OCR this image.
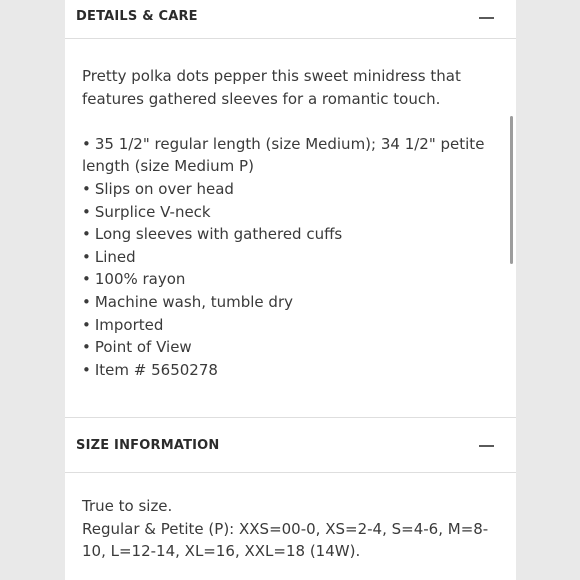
DETAILS & CARE

Pretty polka dots pepper this sweet minidress that features gathered sleeves for a romantic touch.

• 35 1/2" regular length (size Medium); 34 1/2" petite length (size Medium P)
• Slips on over head
• Surplice V-neck
• Long sleeves with gathered cuffs
• Lined
• 100% rayon
• Machine wash, tumble dry
• Imported
• Point of View
• Item # 5650278
SIZE INFORMATION

True to size.

Regular & Petite (P): XXS=00-0, XS=2-4, S=4-6, M=8-10, L=12-14, XL=16, XXL=18 (14W).
